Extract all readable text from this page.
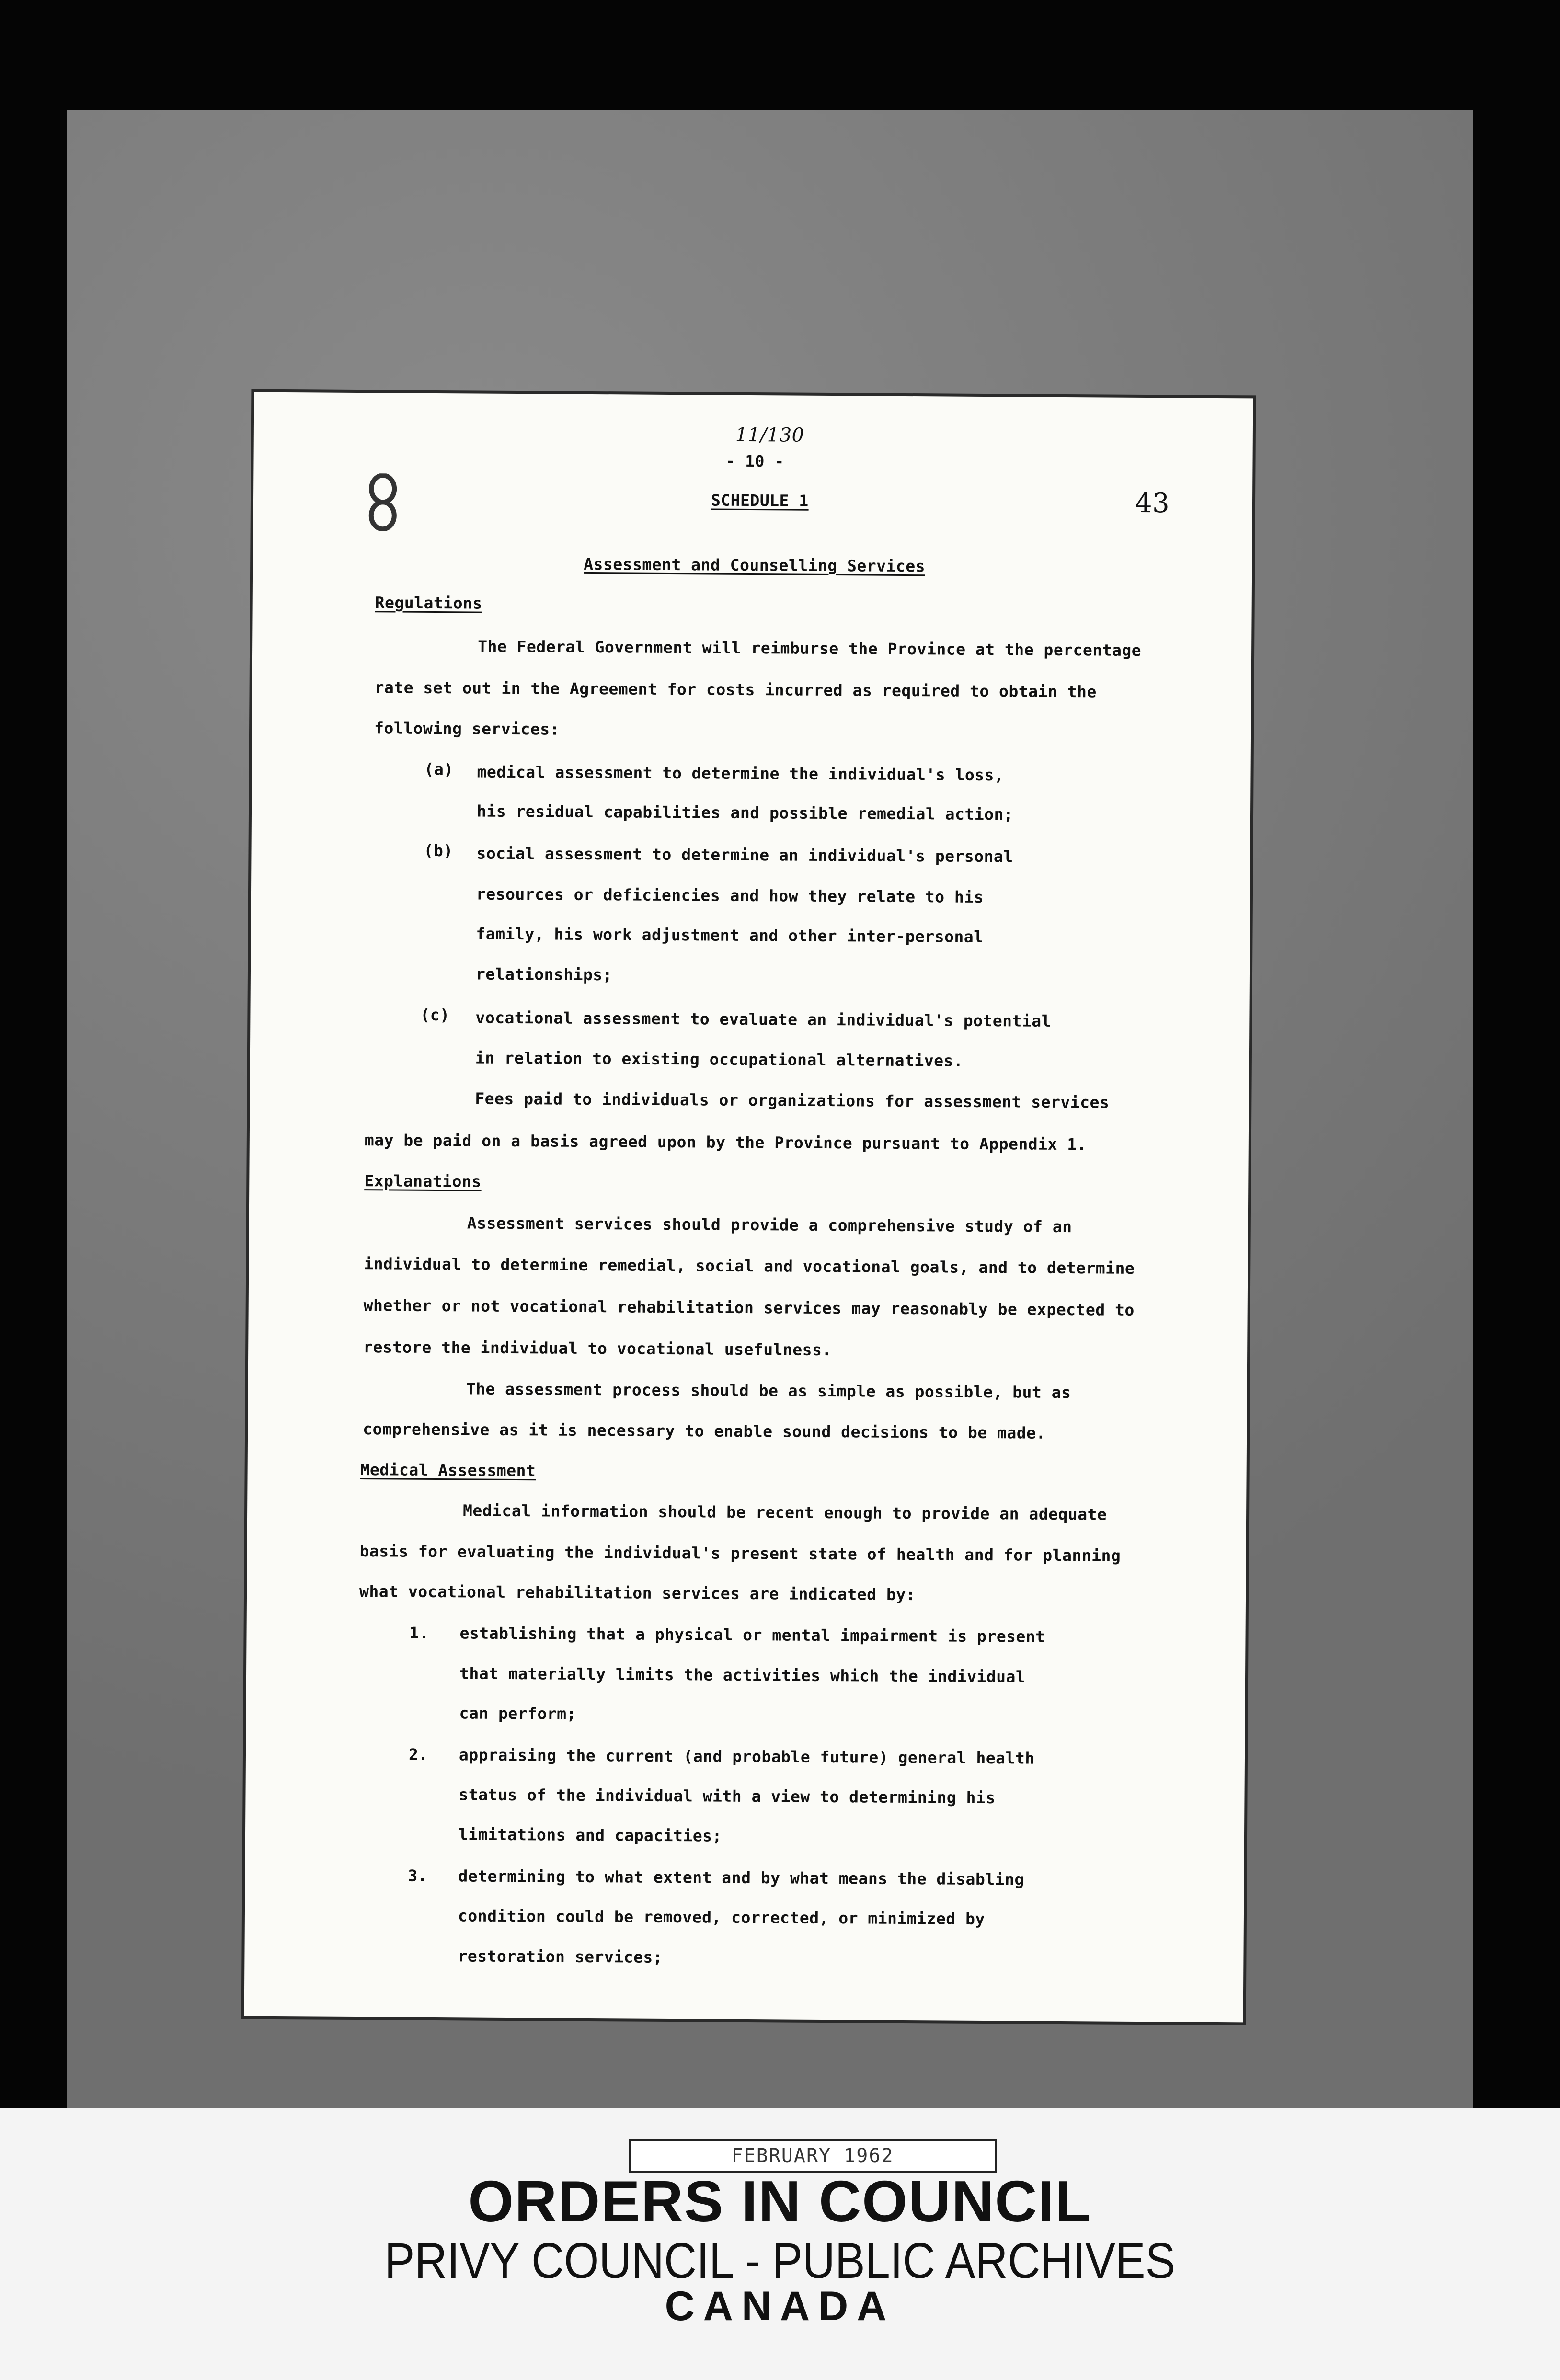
11/130
- 10 -
SCHEDULE 1	43
Assessment and Counselling Services
Regulations
The Federal Government will reimburse the Province at the percentage
rate set out in the Agreement for costs incurred as required to obtain the
following services:
(a) medical assessment to determine the individual's loss,
his residual capabilities and possible remedial action;
(b) social assessment to determine an individual's personal
resources or deficiencies and how they relate to his
family, his work adjustment and other inter-personal
relationships;
(c) vocational assessment to evaluate an individual's potential
in relation to existing occupational alternatives.
Fees paid to individuals or organizations for assessment services
may be paid on a basis agreed upon by the Province pursuant to Appendix 1.
Explanations
Assessment services should provide a comprehensive study of an
individual to determine remedial, social and vocational goals, and to determine
whether or not vocational rehabilitation services may reasonably be expected to
restore the individual to vocational usefulness.
The assessment process should be as simple as possible, but as
comprehensive as it is necessary to enable sound decisions to be made.
Medical Assessment
Medical information should be recent enough to provide an adequate
basis for evaluating the individual's present state of health and for planning
what vocational rehabilitation services are indicated by:
1. establishing that a physical or mental impairment is present
that materially limits the activities which the individual
can perform;
2. appraising the current (and probable future) general health
status of the individual with a view to determining his
limitations and capacities;
3. determining to what extent and by what means the disabling
condition could be removed, corrected, or minimized by
restoration services;
FEBRUARY 1962
ORDERS IN COUNCIL
PRIVY COUNCIL - PUBLIC ARCHIVES
CANADA
